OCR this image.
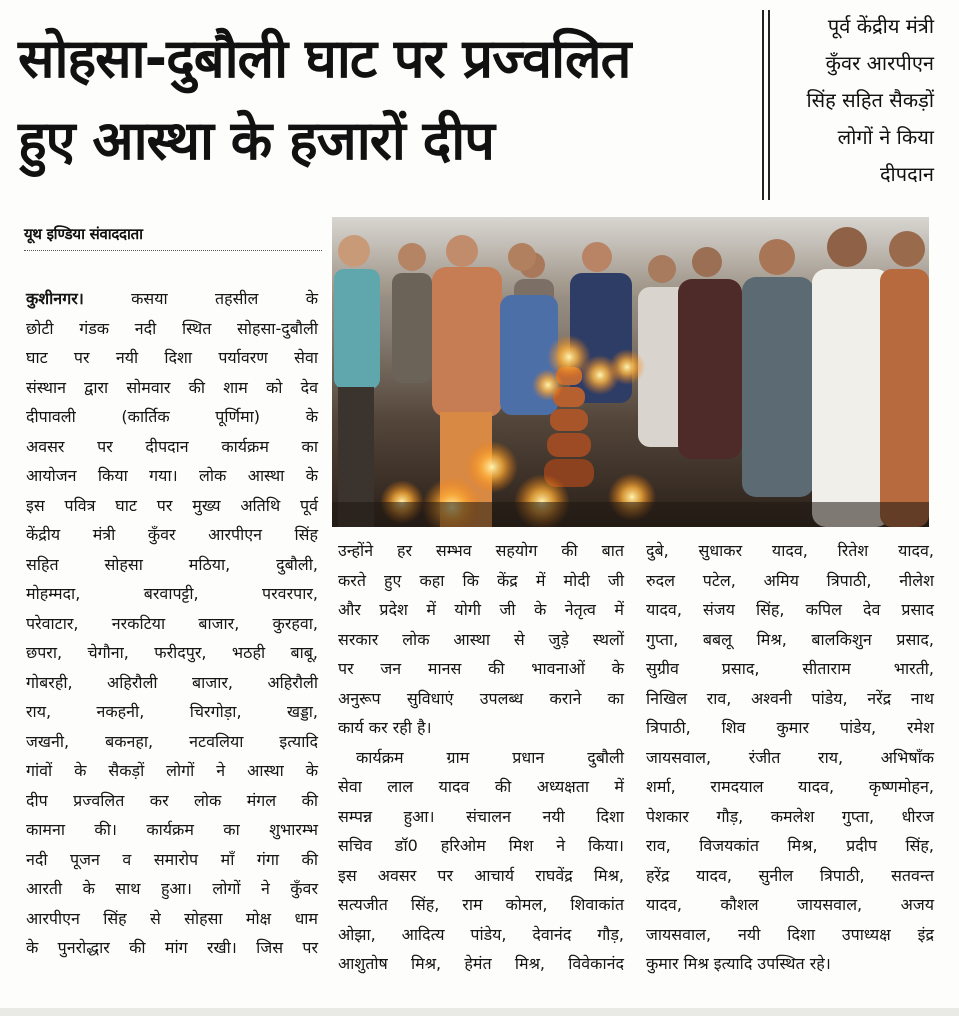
सोहसा-दुबौली घाट पर प्रज्वलित
हुए आस्था के हजारों दीप
पूर्व केंद्रीय मंत्री
कुँवर आरपीएन
सिंह सहित सैकड़ों
लोगों ने किया
दीपदान
यूथ इण्डिया संवाददाता
कुशीनगर। कसया तहसील के
छोटी गंडक नदी स्थित सोहसा-दुबौली
घाट पर नयी दिशा पर्यावरण सेवा
संस्थान द्वारा सोमवार की शाम को देव
दीपावली (कार्तिक पूर्णिमा) के
अवसर पर दीपदान कार्यक्रम का
आयोजन किया गया। लोक आस्था के
इस पवित्र घाट पर मुख्य अतिथि पूर्व
केंद्रीय मंत्री कुँवर आरपीएन सिंह
सहित सोहसा मठिया, दुबौली,
मोहम्मदा, बरवापट्टी, परवरपार,
परेवाटार, नरकटिया बाजार, कुरहवा,
छपरा, चेगौना, फरीदपुर, भठही बाबू,
गोबरही, अहिरौली बाजार, अहिरौली
राय, नकहनी, चिरगोड़ा, खड्डा,
जखनी, बकनहा, नटवलिया इत्यादि
गांवों के सैकड़ों लोगों ने आस्था के
दीप प्रज्वलित कर लोक मंगल की
कामना की। कार्यक्रम का शुभारम्भ
नदी पूजन व समारोप माँ गंगा की
आरती के साथ हुआ। लोगों ने कुँवर
आरपीएन सिंह से सोहसा मोक्ष धाम
के पुनरोद्धार की मांग रखी। जिस पर
उन्होंने हर सम्भव सहयोग की बात
करते हुए कहा कि केंद्र में मोदी जी
और प्रदेश में योगी जी के नेतृत्व में
सरकार लोक आस्था से जुड़े स्थलों
पर जन मानस की भावनाओं के
अनुरूप सुविधाएं उपलब्ध कराने का
कार्य कर रही है।
कार्यक्रम ग्राम प्रधान दुबौली
सेवा लाल यादव की अध्यक्षता में
सम्पन्न हुआ। संचालन नयी दिशा
सचिव डॉ0 हरिओम मिश ने किया।
इस अवसर पर आचार्य राघवेंद्र मिश्र,
सत्यजीत सिंह, राम कोमल, शिवाकांत
ओझा, आदित्य पांडेय, देवानंद गौड़,
आशुतोष मिश्र, हेमंत मिश्र, विवेकानंद
दुबे, सुधाकर यादव, रितेश यादव,
रुदल पटेल, अमिय त्रिपाठी, नीलेश
यादव, संजय सिंह, कपिल देव प्रसाद
गुप्ता, बबलू मिश्र, बालकिशुन प्रसाद,
सुग्रीव प्रसाद, सीताराम भारती,
निखिल राव, अश्वनी पांडेय, नरेंद्र नाथ
त्रिपाठी, शिव कुमार पांडेय, रमेश
जायसवाल, रंजीत राय, अभिषाँक
शर्मा, रामदयाल यादव, कृष्णमोहन,
पेशकार गौड़, कमलेश गुप्ता, धीरज
राव, विजयकांत मिश्र, प्रदीप सिंह,
हरेंद्र यादव, सुनील त्रिपाठी, सतवन्त
यादव, कौशल जायसवाल, अजय
जायसवाल, नयी दिशा उपाध्यक्ष इंद्र
कुमार मिश्र इत्यादि उपस्थित रहे।
